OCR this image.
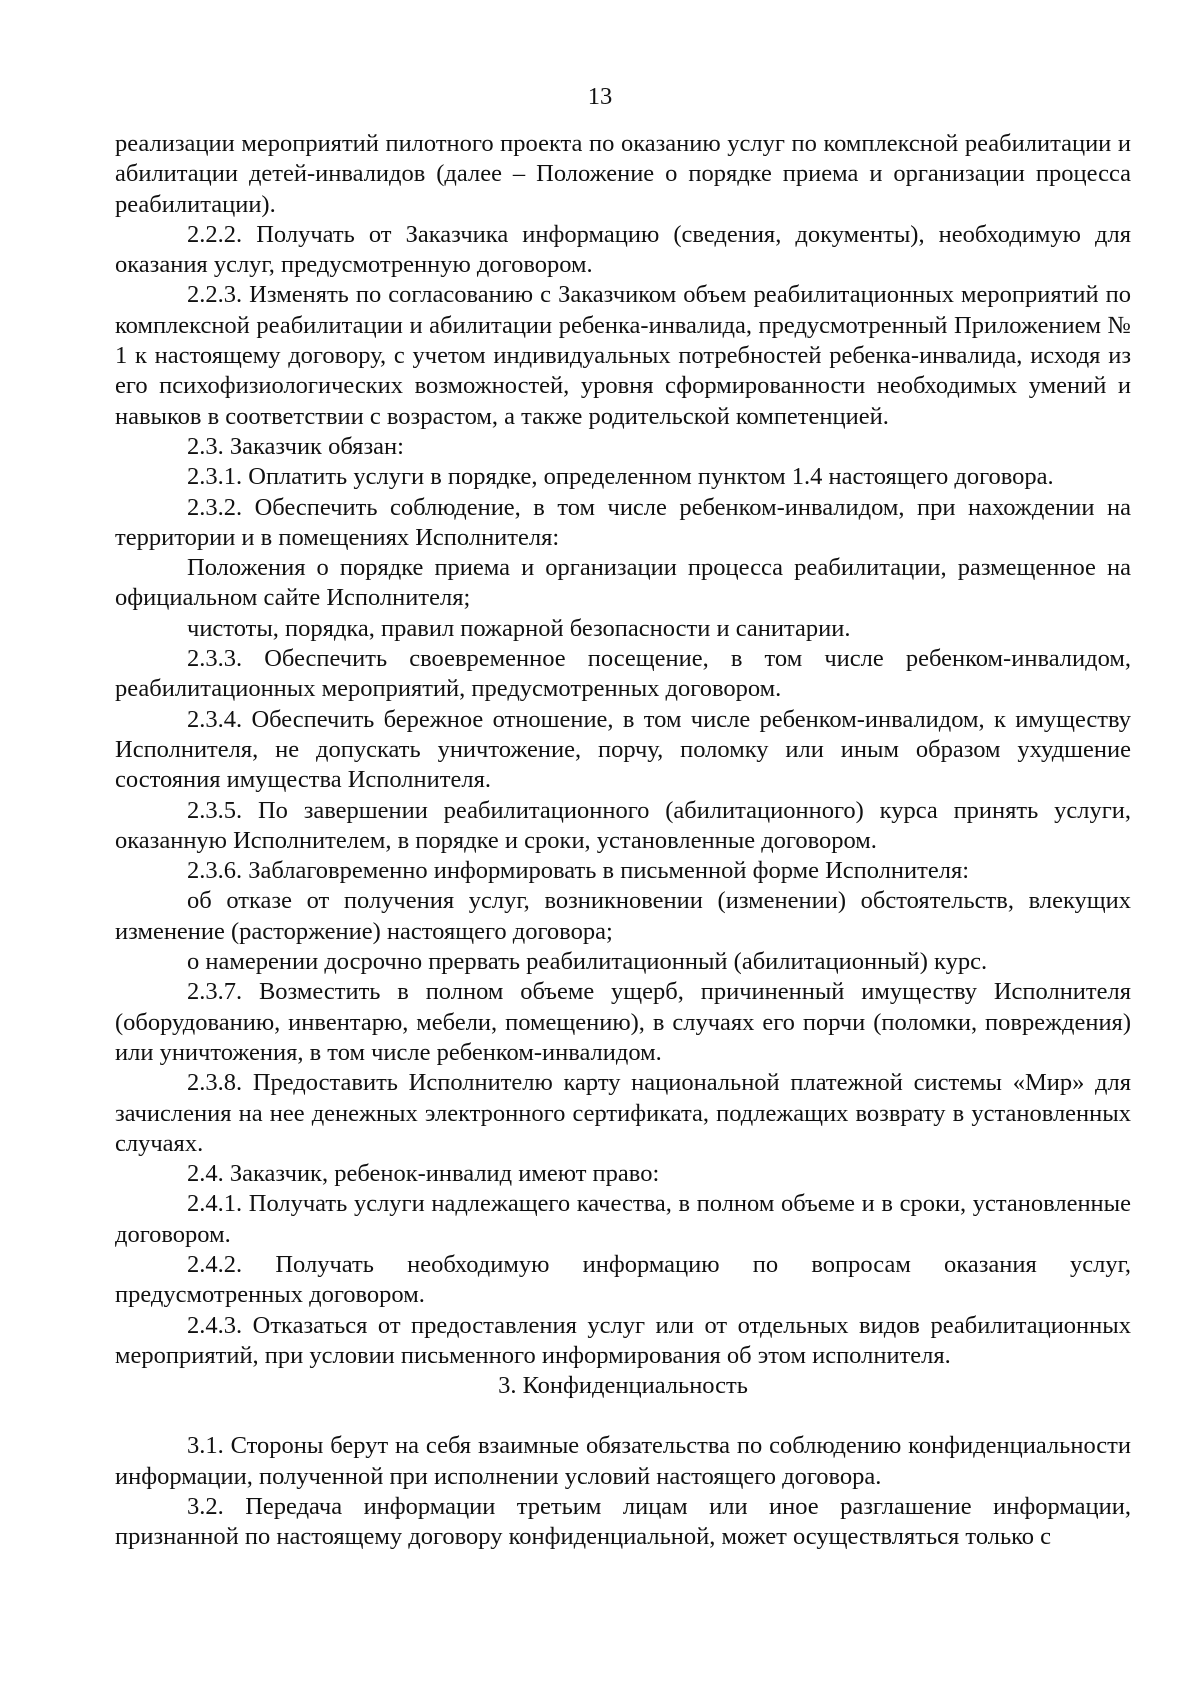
13

реализации мероприятий пилотного проекта по оказанию услуг по комплексной реабилитации и абилитации детей-инвалидов (далее – Положение о порядке приема и организации процесса реабилитации).

2.2.2. Получать от Заказчика информацию (сведения, документы), необходимую для оказания услуг, предусмотренную договором.

2.2.3. Изменять по согласованию с Заказчиком объем реабилитационных мероприятий по комплексной реабилитации и абилитации ребенка-инвалида, предусмотренный Приложением № 1 к настоящему договору, с учетом индивидуальных потребностей ребенка-инвалида, исходя из его психофизиологических возможностей, уровня сформированности необходимых умений и навыков в соответствии с возрастом, а также родительской компетенцией.

2.3. Заказчик обязан:

2.3.1. Оплатить услуги в порядке, определенном пунктом 1.4 настоящего договора.

2.3.2. Обеспечить соблюдение, в том числе ребенком-инвалидом, при нахождении на территории и в помещениях Исполнителя:

Положения о порядке приема и организации процесса реабилитации, размещенное на официальном сайте Исполнителя;

чистоты, порядка, правил пожарной безопасности и санитарии.

2.3.3. Обеспечить своевременное посещение, в том числе ребенком-инвалидом, реабилитационных мероприятий, предусмотренных договором.

2.3.4. Обеспечить бережное отношение, в том числе ребенком-инвалидом, к имуществу Исполнителя, не допускать уничтожение, порчу, поломку или иным образом ухудшение состояния имущества Исполнителя.

2.3.5. По завершении реабилитационного (абилитационного) курса принять услуги, оказанную Исполнителем, в порядке и сроки, установленные договором.

2.3.6. Заблаговременно информировать в письменной форме Исполнителя:

об отказе от получения услуг, возникновении (изменении) обстоятельств, влекущих изменение (расторжение) настоящего договора;

о намерении досрочно прервать реабилитационный (абилитационный) курс.

2.3.7. Возместить в полном объеме ущерб, причиненный имуществу Исполнителя (оборудованию, инвентарю, мебели, помещению), в случаях его порчи (поломки, повреждения) или уничтожения, в том числе ребенком-инвалидом.

2.3.8. Предоставить Исполнителю карту национальной платежной системы «Мир» для зачисления на нее денежных электронного сертификата, подлежащих возврату в установленных случаях.

2.4. Заказчик, ребенок-инвалид имеют право:

2.4.1. Получать услуги надлежащего качества, в полном объеме и в сроки, установленные договором.

2.4.2. Получать необходимую информацию по вопросам оказания услуг, предусмотренных договором.

2.4.3. Отказаться от предоставления услуг или от отдельных видов реабилитационных мероприятий, при условии письменного информирования об этом исполнителя.

3. Конфиденциальность

3.1. Стороны берут на себя взаимные обязательства по соблюдению конфиденциальности информации, полученной при исполнении условий настоящего договора.

3.2. Передача информации третьим лицам или иное разглашение информации, признанной по настоящему договору конфиденциальной, может осуществляться только с
